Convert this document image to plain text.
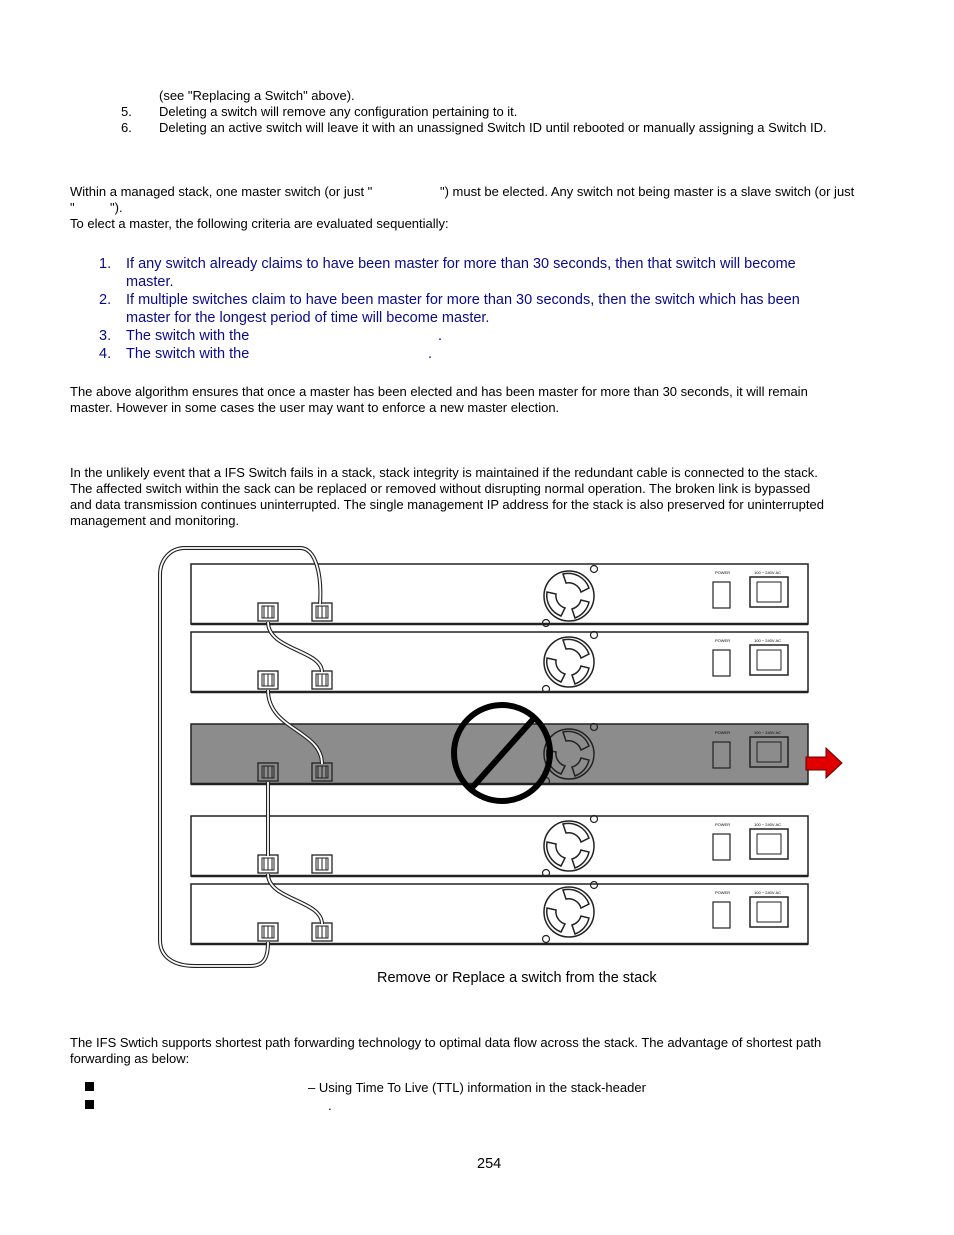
(see "Replacing a Switch" above).
5. Deleting a switch will remove any configuration pertaining to it.
6. Deleting an active switch will leave it with an unassigned Switch ID until rebooted or manually assigning a Switch ID.
Within a managed stack, one master switch (or just "	") must be elected. Any switch not being master is a slave switch (or just
"	").
To elect a master, the following criteria are evaluated sequentially:
1. If any switch already claims to have been master for more than 30 seconds, then that switch will become
master.
2. If multiple switches claim to have been master for more than 30 seconds, then the switch which has been
master for the longest period of time will become master.
3. The switch with the	.
4. The switch with the	.
The above algorithm ensures that once a master has been elected and has been master for more than 30 seconds, it will remain
master. However in some cases the user may want to enforce a new master election.
In the unlikely event that a IFS Switch fails in a stack, stack integrity is maintained if the redundant cable is connected to the stack.
The affected switch within the sack can be replaced or removed without disrupting normal operation. The broken link is bypassed
and data transmission continues uninterrupted. The single management IP address for the stack is also preserved for uninterrupted
management and monitoring.
POWER	100 ~ 240V AC
POWER	100 ~ 240V AC
POWER	100 ~ 240V AC
POWER	100 ~ 240V AC
POWER	100 ~ 240V AC
Remove or Replace a switch from the stack
The IFS Swtich supports shortest path forwarding technology to optimal data flow across the stack. The advantage of shortest path
forwarding as below:
– Using Time To Live (TTL) information in the stack-header
.
254
